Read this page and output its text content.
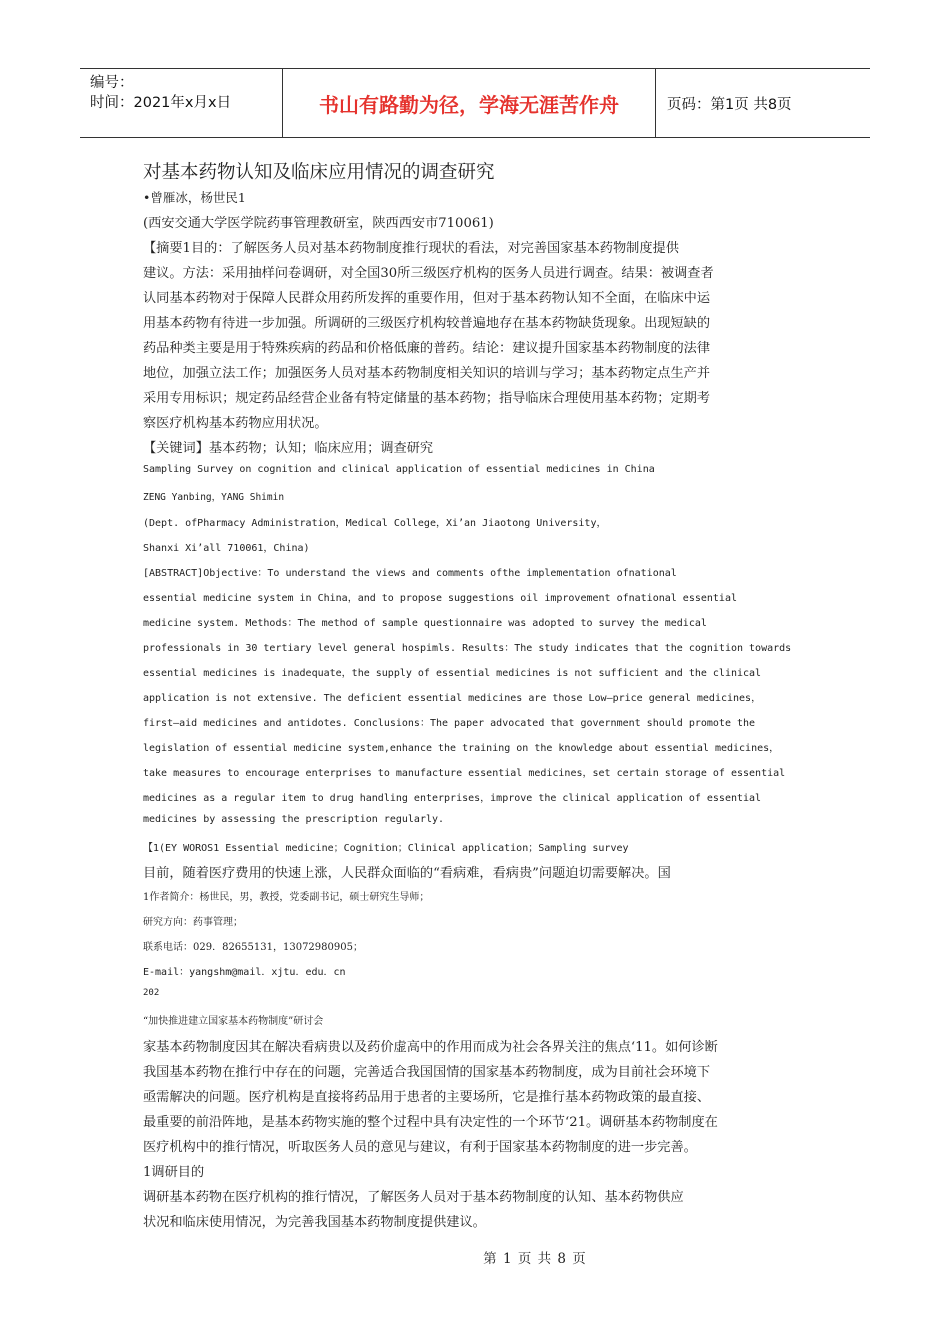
编号：
时间：2021年x月x日	书山有路勤为径，学海无涯苦作舟	页码：第1页 共8页
对基本药物认知及临床应用情况的调查研究
•曾雁冰，杨世民1
(西安交通大学医学院药事管理教研室，陕西西安市710061)
【摘要1目的：了解医务人员对基本药物制度推行现状的看法，对完善国家基本药物制度提供
建议。方法：采用抽样问卷调研，对全国30所三级医疗机构的医务人员进行调查。结果：被调查者
认同基本药物对于保障人民群众用药所发挥的重要作用，但对于基本药物认知不全面，在临床中运
用基本药物有待进一步加强。所调研的三级医疗机构较普遍地存在基本药物缺货现象。出现短缺的
药品种类主要是用于特殊疾病的药品和价格低廉的普药。结论：建议提升国家基本药物制度的法律
地位，加强立法工作；加强医务人员对基本药物制度相关知识的培训与学习；基本药物定点生产并
采用专用标识；规定药品经营企业备有特定储量的基本药物；指导临床合理使用基本药物；定期考
察医疗机构基本药物应用状况。
【关键词】基本药物；认知；临床应用；调查研究
Sampling Survey on cognition and clinical application of essential medicines in China
ZENG Yanbing，YANG Shimin
(Dept. ofPharmacy Administration，Medical College，Xi’an Jiaotong University，
Shanxi Xi’all 710061，China)
[ABSTRACT]Objective：To understand the views and comments ofthe implementation ofnational
essential medicine system in China，and to propose suggestions oil improvement ofnational essential
medicine system. Methods：The method of sample questionnaire was adopted to survey the medical
professionals in 30 tertiary level general hospimls. Results：The study indicates that the cognition towards
essential medicines is inadequate，the supply of essential medicines is not sufficient and the clinical
application is not extensive. The deficient essential medicines are those Low—price general medicines，
first—aid medicines and antidotes. Conclusions：The paper advocated that government should promote the
legislation of essential medicine system,enhance the training on the knowledge about essential medicines，
take measures to encourage enterprises to manufacture essential medicines，set certain storage of essential
medicines as a regular item to drug handling enterprises，improve the clinical application of essential
medicines by assessing the prescription regularly.
【1(EY WOROS1 Essential medicine；Cognition；Clinical application；Sampling survey
目前，随着医疗费用的快速上涨，人民群众面临的“看病难，看病贵”问题迫切需要解决。国
1作者简介：杨世民，男，教授，党委副书记，硕士研究生导师；
研究方向：药事管理；
联系电话：029．82655131，13072980905；
E-mail：yangshm@mail．xjtu．edu．cn
202
“加快推进建立国家基本药物制度”研讨会
家基本药物制度因其在解决看病贵以及药价虚高中的作用而成为社会各界关注的焦点‘11。如何诊断
我国基本药物在推行中存在的问题，完善适合我国国情的国家基本药物制度，成为目前社会环境下
亟需解决的问题。医疗机构是直接将药品用于患者的主要场所，它是推行基本药物政策的最直接、
最重要的前沿阵地，是基本药物实施的整个过程中具有决定性的一个环节‘21。调研基本药物制度在
医疗机构中的推行情况，听取医务人员的意见与建议，有利于国家基本药物制度的进一步完善。
1调研目的
调研基本药物在医疗机构的推行情况，了解医务人员对于基本药物制度的认知、基本药物供应
状况和临床使用情况，为完善我国基本药物制度提供建议。
第 1 页 共 8 页
